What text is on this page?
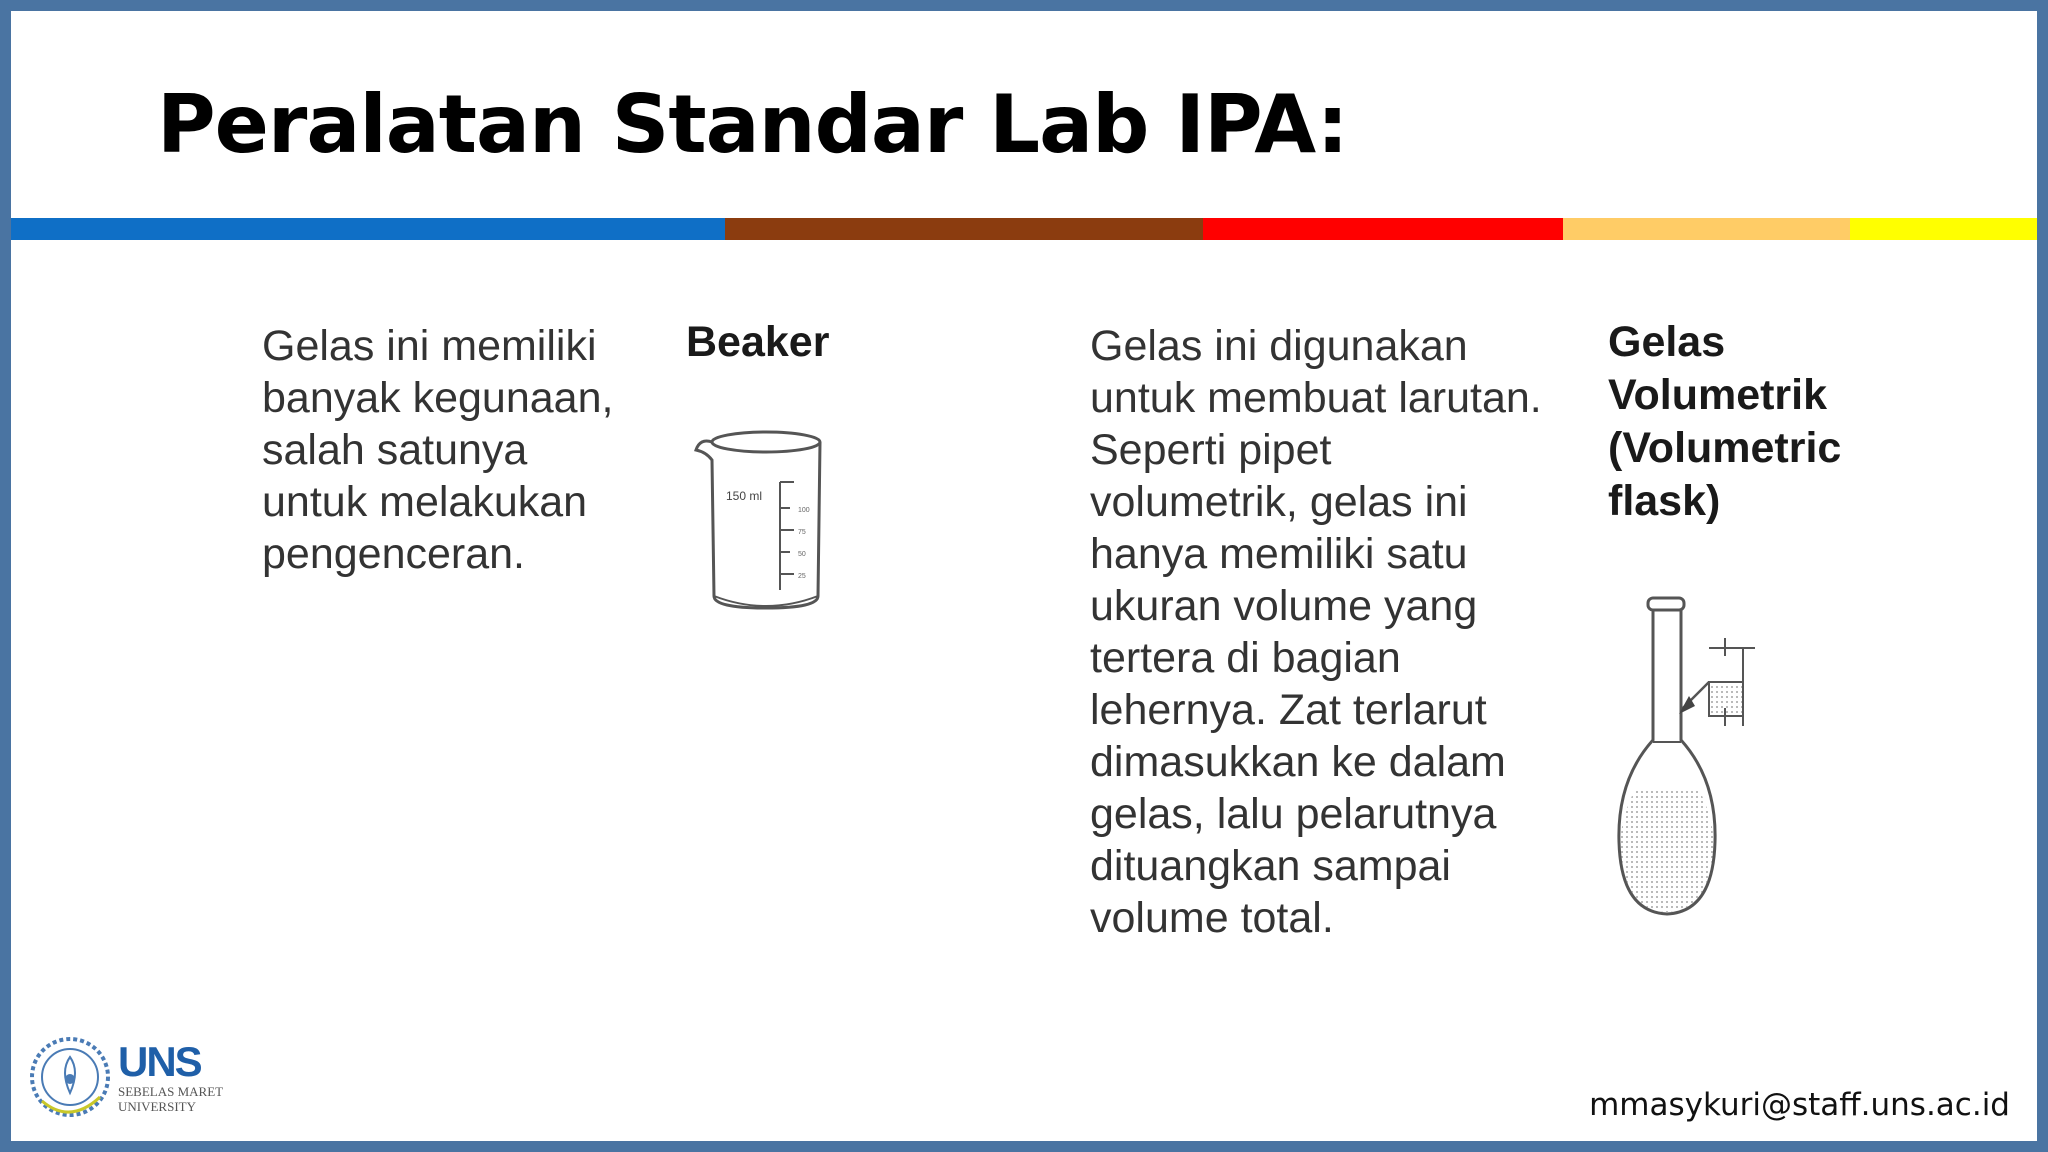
Peralatan Standar Lab IPA:

Gelas ini memiliki
banyak kegunaan,
salah satunya
untuk melakukan
pengenceran.

Beaker

150 ml
100
75
50
25

Gelas ini digunakan
untuk membuat larutan.
Seperti pipet
volumetrik, gelas ini
hanya memiliki satu
ukuran volume yang
tertera di bagian
lehernya. Zat terlarut
dimasukkan ke dalam
gelas, lalu pelarutnya
dituangkan sampai
volume total.

Gelas
Volumetrik
(Volumetric
flask)

UNS
SEBELAS MARET
UNIVERSITY	mmasykuri@staff.uns.ac.id
